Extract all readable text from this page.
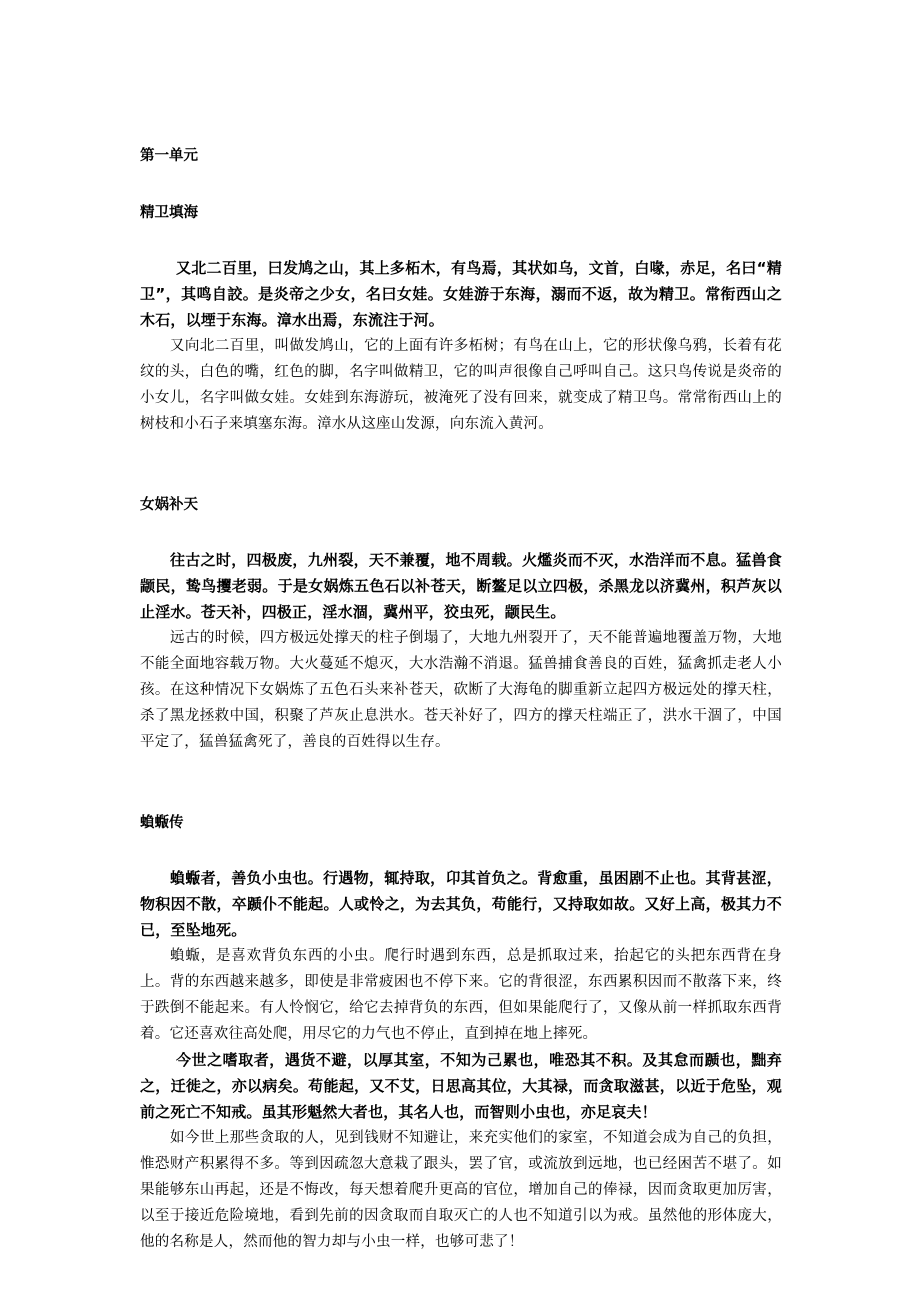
第一单元
精卫填海

又北二百里，曰发鸠之山，其上多柘木，有鸟焉，其状如乌，文首，白喙，赤足，名曰“精卫”，其鸣自詨。是炎帝之少女，名曰女娃。女娃游于东海，溺而不返，故为精卫。常衔西山之木石，以堙于东海。漳水出焉，东流注于河。

又向北二百里，叫做发鸠山，它的上面有许多柘树；有鸟在山上，它的形状像乌鸦，长着有花纹的头，白色的嘴，红色的脚，名字叫做精卫，它的叫声很像自己呼叫自己。这只鸟传说是炎帝的小女儿，名字叫做女娃。女娃到东海游玩，被淹死了没有回来，就变成了精卫鸟。常常衔西山上的树枝和小石子来填塞东海。漳水从这座山发源，向东流入黄河。

女娲补天

往古之时，四极废，九州裂，天不兼覆，地不周载。火爁炎而不灭，水浩洋而不息。猛兽食颛民，鸷鸟攫老弱。于是女娲炼五色石以补苍天，断鳌足以立四极，杀黑龙以济冀州，积芦灰以止淫水。苍天补，四极正，淫水涸，冀州平，狡虫死，颛民生。

远古的时候，四方极远处撑天的柱子倒塌了，大地九州裂开了，天不能普遍地覆盖万物，大地不能全面地容载万物。大火蔓延不熄灭，大水浩瀚不消退。猛兽捕食善良的百姓，猛禽抓走老人小孩。在这种情况下女娲炼了五色石头来补苍天，砍断了大海龟的脚重新立起四方极远处的撑天柱，杀了黑龙拯救中国，积聚了芦灰止息洪水。苍天补好了，四方的撑天柱端正了，洪水干涸了，中国平定了，猛兽猛禽死了，善良的百姓得以生存。

蝜蝂传

蝜蝂者，善负小虫也。行遇物，辄持取，卬其首负之。背愈重，虽困剧不止也。其背甚涩，物积因不散，卒踬仆不能起。人或怜之，为去其负，苟能行，又持取如故。又好上高，极其力不已，至坠地死。

蝜蝂，是喜欢背负东西的小虫。爬行时遇到东西，总是抓取过来，抬起它的头把东西背在身上。背的东西越来越多，即使是非常疲困也不停下来。它的背很涩，东西累积因而不散落下来，终于跌倒不能起来。有人怜悯它，给它去掉背负的东西，但如果能爬行了，又像从前一样抓取东西背着。它还喜欢往高处爬，用尽它的力气也不停止，直到掉在地上摔死。

今世之嗜取者，遇货不避，以厚其室，不知为己累也，唯恐其不积。及其怠而踬也，黜弃之，迁徙之，亦以病矣。苟能起，又不艾，日思高其位，大其禄，而贪取滋甚，以近于危坠，观前之死亡不知戒。虽其形魁然大者也，其名人也，而智则小虫也，亦足哀夫！

如今世上那些贪取的人，见到钱财不知避让，来充实他们的家室，不知道会成为自己的负担，惟恐财产积累得不多。等到因疏忽大意栽了跟头，罢了官，或流放到远地，也已经困苦不堪了。如果能够东山再起，还是不悔改，每天想着爬升更高的官位，增加自己的俸禄，因而贪取更加厉害，以至于接近危险境地，看到先前的因贪取而自取灭亡的人也不知道引以为戒。虽然他的形体庞大，他的名称是人，然而他的智力却与小虫一样，也够可悲了！
